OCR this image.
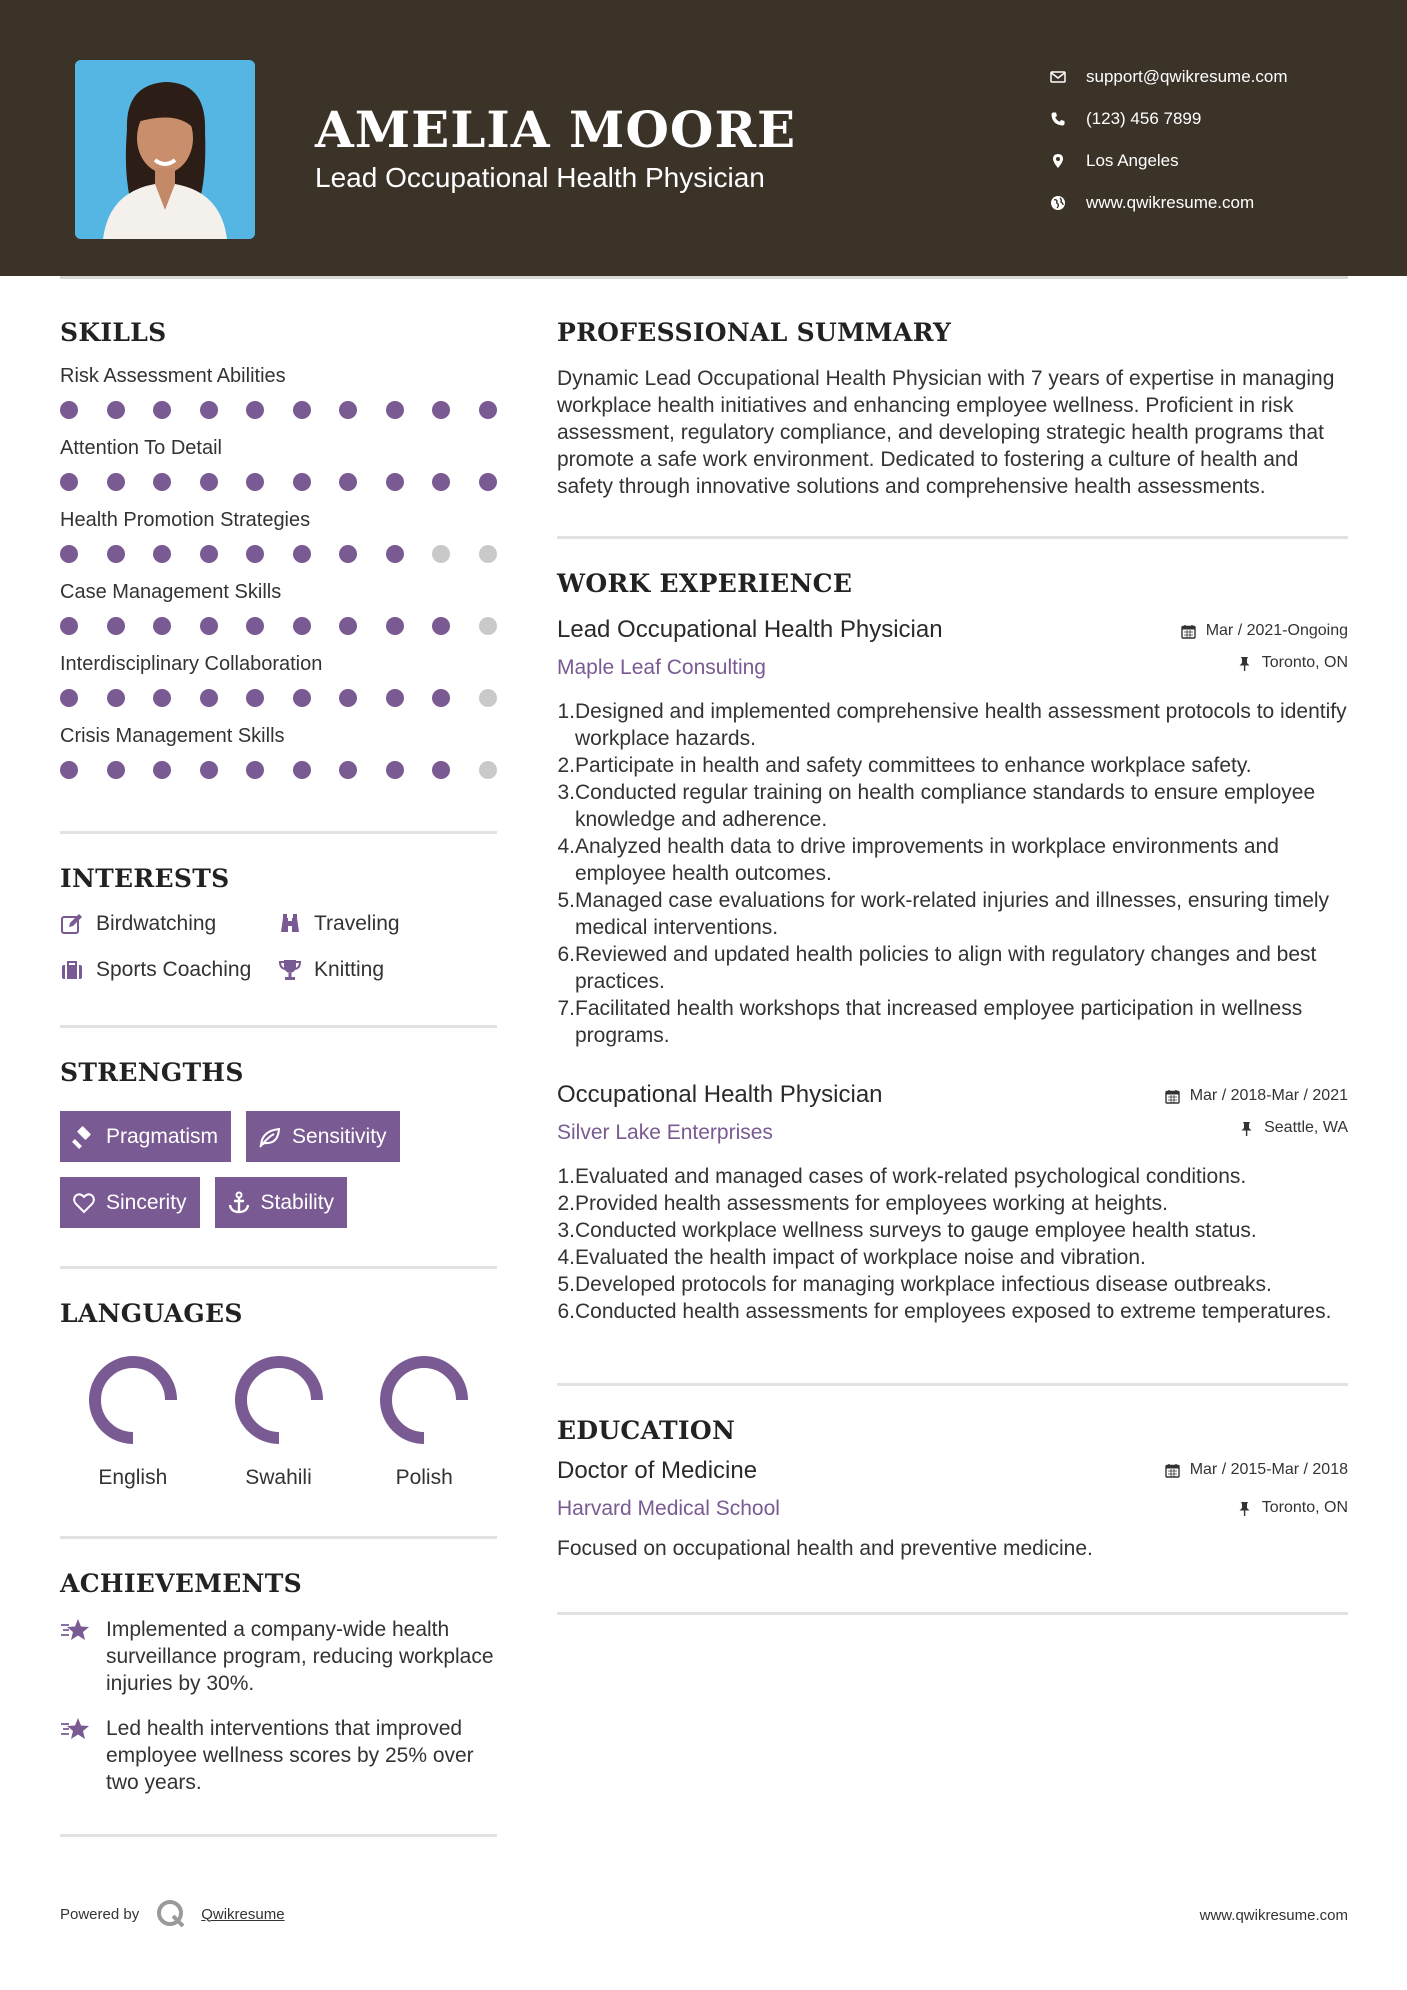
AMELIA MOORE
Lead Occupational Health Physician
support@qwikresume.com
(123) 456 7899
Los Angeles
www.qwikresume.com
SKILLS
Risk Assessment Abilities
Attention To Detail
Health Promotion Strategies
Case Management Skills
Interdisciplinary Collaboration
Crisis Management Skills
INTERESTS
Birdwatching	Traveling
Sports Coaching	Knitting
STRENGTHS
Pragmatism	Sensitivity
Sincerity	Stability
LANGUAGES
English	Swahili	Polish
ACHIEVEMENTS
Implemented a company-wide health surveillance program, reducing workplace injuries by 30%.
Led health interventions that improved employee wellness scores by 25% over two years.
PROFESSIONAL SUMMARY
Dynamic Lead Occupational Health Physician with 7 years of expertise in managing workplace health initiatives and enhancing employee wellness. Proficient in risk assessment, regulatory compliance, and developing strategic health programs that promote a safe work environment. Dedicated to fostering a culture of health and safety through innovative solutions and comprehensive health assessments.
WORK EXPERIENCE
Lead Occupational Health Physician
Maple Leaf Consulting
Mar / 2021-Ongoing
Toronto, ON
1. Designed and implemented comprehensive health assessment protocols to identify workplace hazards.
2. Participate in health and safety committees to enhance workplace safety.
3. Conducted regular training on health compliance standards to ensure employee knowledge and adherence.
4. Analyzed health data to drive improvements in workplace environments and employee health outcomes.
5. Managed case evaluations for work-related injuries and illnesses, ensuring timely medical interventions.
6. Reviewed and updated health policies to align with regulatory changes and best practices.
7. Facilitated health workshops that increased employee participation in wellness programs.
Occupational Health Physician
Silver Lake Enterprises
Mar / 2018-Mar / 2021
Seattle, WA
1. Evaluated and managed cases of work-related psychological conditions.
2. Provided health assessments for employees working at heights.
3. Conducted workplace wellness surveys to gauge employee health status.
4. Evaluated the health impact of workplace noise and vibration.
5. Developed protocols for managing workplace infectious disease outbreaks.
6. Conducted health assessments for employees exposed to extreme temperatures.
EDUCATION
Doctor of Medicine
Harvard Medical School
Mar / 2015-Mar / 2018
Toronto, ON
Focused on occupational health and preventive medicine.
Powered by	Qwikresume	www.qwikresume.com
